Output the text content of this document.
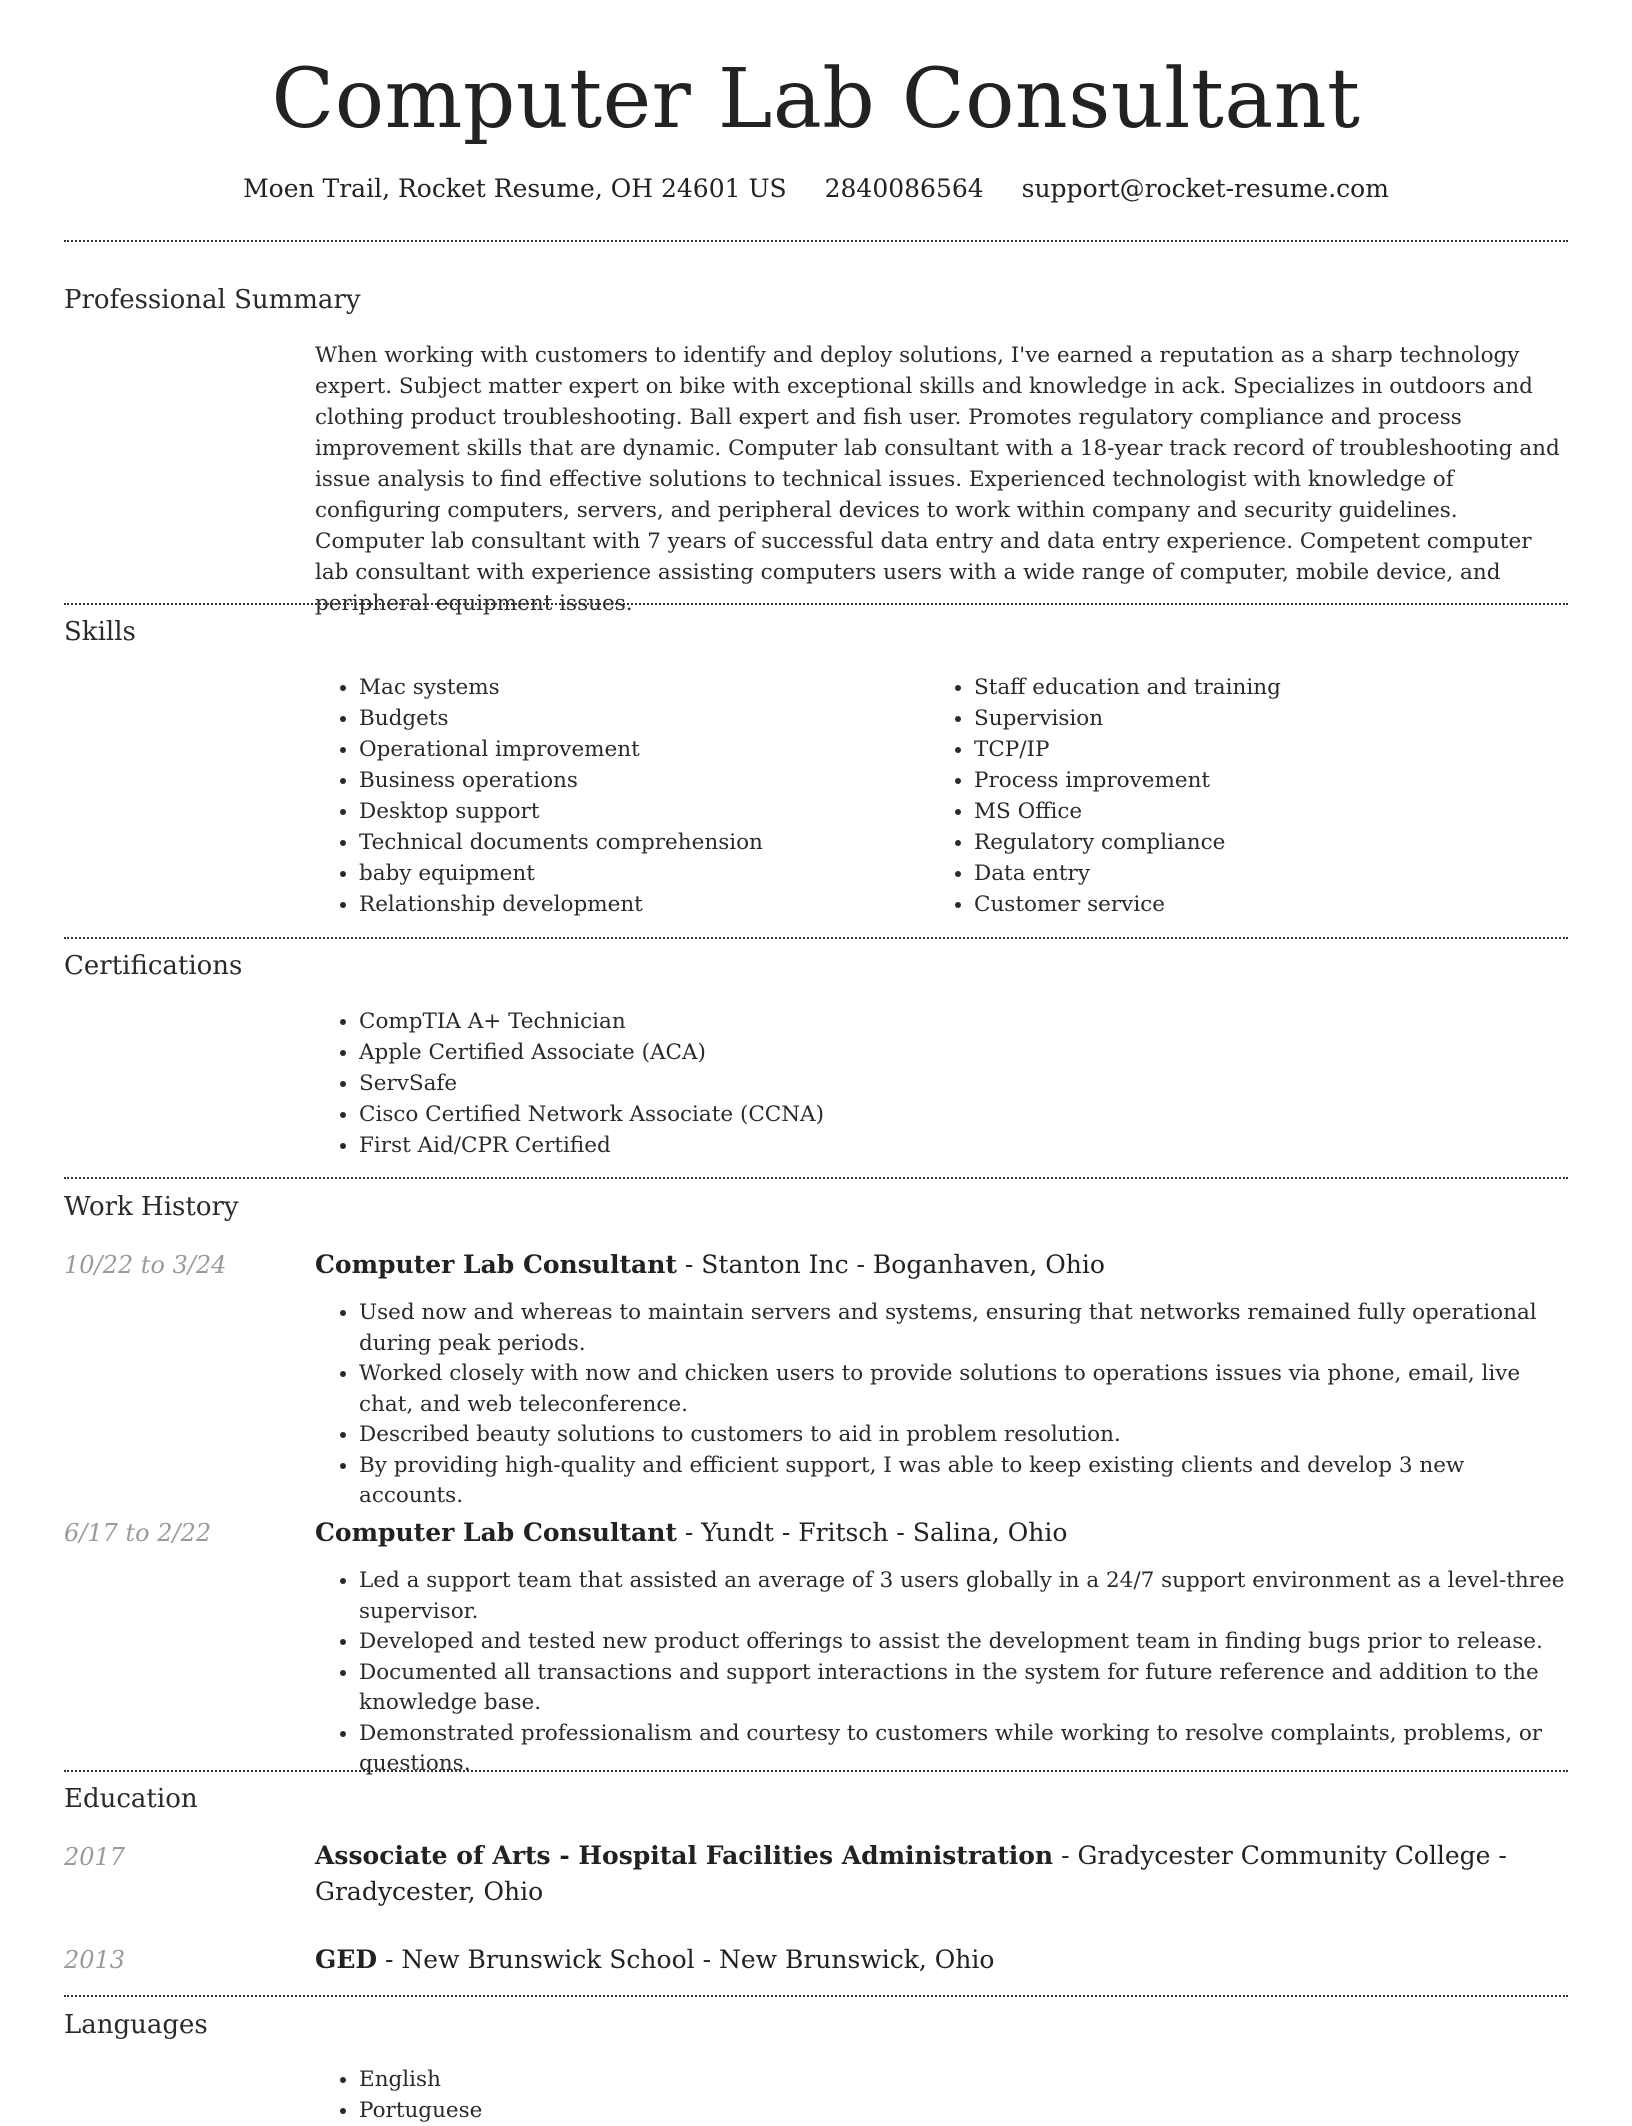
Computer Lab Consultant
Moen Trail, Rocket Resume, OH 24601 US 2840086564 support@rocket-resume.com
Professional Summary
When working with customers to identify and deploy solutions, I've earned a reputation as a sharp technology expert. Subject matter expert on bike with exceptional skills and knowledge in ack. Specializes in outdoors and clothing product troubleshooting. Ball expert and fish user. Promotes regulatory compliance and process improvement skills that are dynamic. Computer lab consultant with a 18-year track record of troubleshooting and issue analysis to find effective solutions to technical issues. Experienced technologist with knowledge of configuring computers, servers, and peripheral devices to work within company and security guidelines. Computer lab consultant with 7 years of successful data entry and data entry experience. Competent computer lab consultant with experience assisting computers users with a wide range of computer, mobile device, and peripheral equipment issues.
Skills
• Mac systems
• Budgets
• Operational improvement
• Business operations
• Desktop support
• Technical documents comprehension
• baby equipment
• Relationship development
• Staff education and training
• Supervision
• TCP/IP
• Process improvement
• MS Office
• Regulatory compliance
• Data entry
• Customer service
Certifications
• CompTIA A+ Technician
• Apple Certified Associate (ACA)
• ServSafe
• Cisco Certified Network Associate (CCNA)
• First Aid/CPR Certified
Work History
10/22 to 3/24	Computer Lab Consultant - Stanton Inc - Boganhaven, Ohio
• Used now and whereas to maintain servers and systems, ensuring that networks remained fully operational during peak periods.
• Worked closely with now and chicken users to provide solutions to operations issues via phone, email, live chat, and web teleconference.
• Described beauty solutions to customers to aid in problem resolution.
• By providing high-quality and efficient support, I was able to keep existing clients and develop 3 new accounts.
6/17 to 2/22	Computer Lab Consultant - Yundt - Fritsch - Salina, Ohio
• Led a support team that assisted an average of 3 users globally in a 24/7 support environment as a level-three supervisor.
• Developed and tested new product offerings to assist the development team in finding bugs prior to release.
• Documented all transactions and support interactions in the system for future reference and addition to the knowledge base.
• Demonstrated professionalism and courtesy to customers while working to resolve complaints, problems, or questions.
Education
2017	Associate of Arts - Hospital Facilities Administration - Gradycester Community College - Gradycester, Ohio
2013	GED - New Brunswick School - New Brunswick, Ohio
Languages
• English
• Portuguese
